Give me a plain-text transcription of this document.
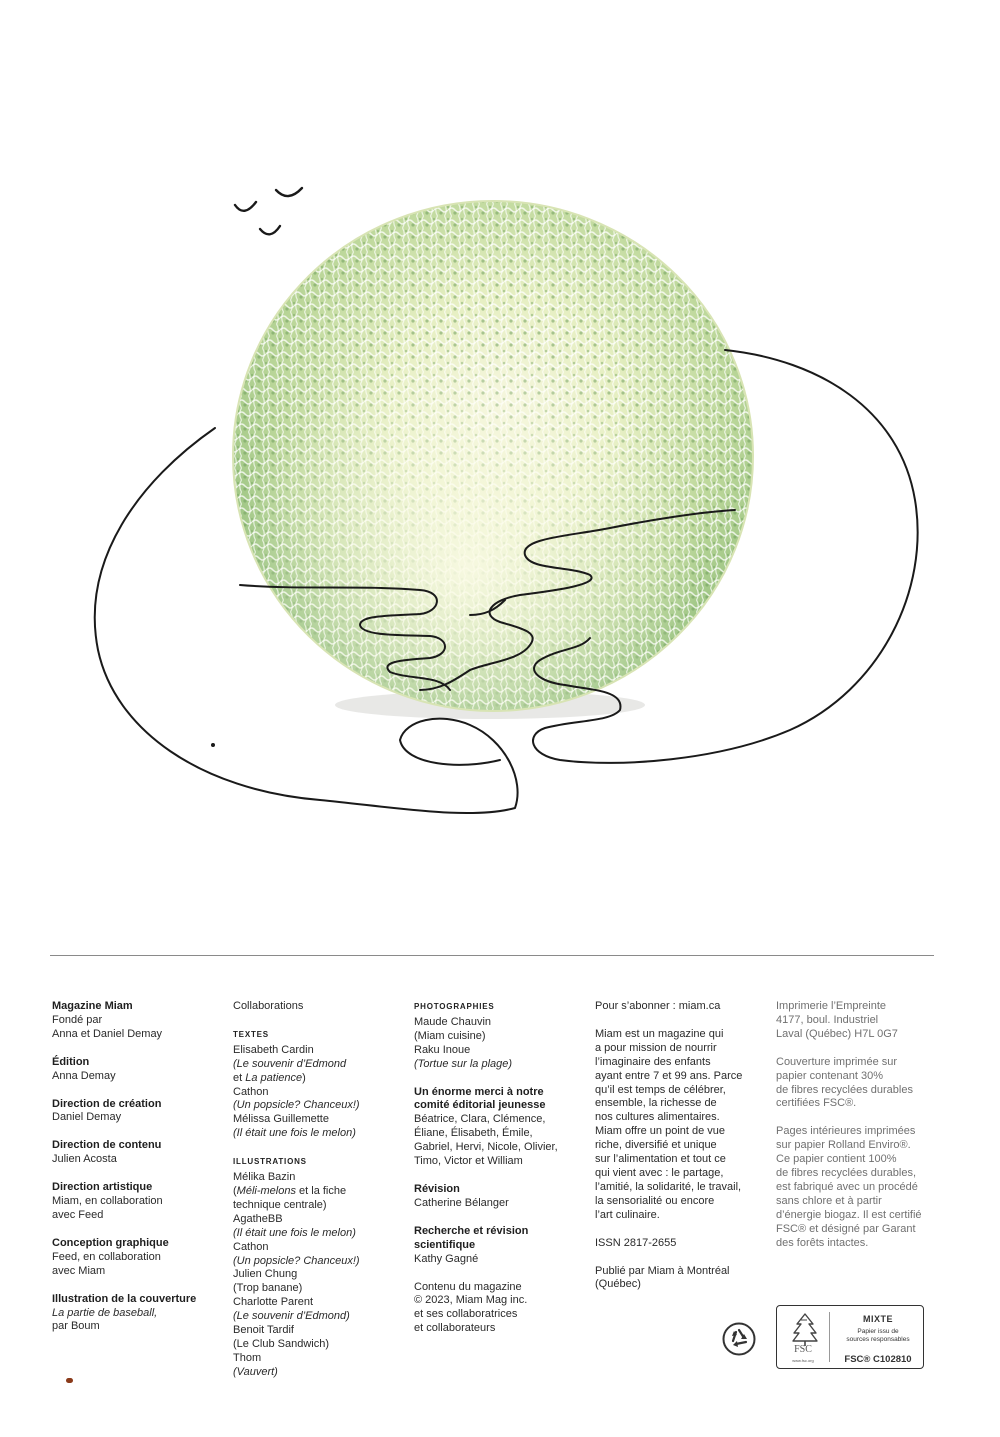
Magazine Miam
Fondé par
Anna et Daniel Demay
Édition
Anna Demay
Direction de création
Daniel Demay
Direction de contenu
Julien Acosta
Direction artistique
Miam, en collaboration
avec Feed
Conception graphique
Feed, en collaboration
avec Miam
Illustration de la couverture
La partie de baseball,
par Boum
Collaborations
TEXTES
Elisabeth Cardin
(Le souvenir d’Edmond
et La patience)
Cathon
(Un popsicle? Chanceux!)
Mélissa Guillemette
(Il était une fois le melon)
ILLUSTRATIONS
Mélika Bazin
(Méli-melons et la fiche
technique centrale)
AgatheBB
(Il était une fois le melon)
Cathon
(Un popsicle? Chanceux!)
Julien Chung
(Trop banane)
Charlotte Parent
(Le souvenir d’Edmond)
Benoit Tardif
(Le Club Sandwich)
Thom
(Vauvert)
PHOTOGRAPHIES
Maude Chauvin
(Miam cuisine)
Raku Inoue
(Tortue sur la plage)
Un énorme merci à notre
comité éditorial jeunesse
Béatrice, Clara, Clémence,
Éliane, Élisabeth, Émile,
Gabriel, Hervi, Nicole, Olivier,
Timo, Victor et William
Révision
Catherine Bélanger
Recherche et révision
scientifique
Kathy Gagné
Contenu du magazine
© 2023, Miam Mag inc.
et ses collaboratrices
et collaborateurs
Pour s’abonner : miam.ca
Miam est un magazine qui
a pour mission de nourrir
l’imaginaire des enfants
ayant entre 7 et 99 ans. Parce
qu’il est temps de célébrer,
ensemble, la richesse de
nos cultures alimentaires.
Miam offre un point de vue
riche, diversifié et unique
sur l’alimentation et tout ce
qui vient avec : le partage,
l’amitié, la solidarité, le travail,
la sensorialité ou encore
l’art culinaire.
ISSN 2817-2655
Publié par Miam à Montréal
(Québec)
Imprimerie l’Empreinte
4177, boul. Industriel
Laval (Québec) H7L 0G7
Couverture imprimée sur
papier contenant 30%
de fibres recyclées durables
certifiées FSC®.
Pages intérieures imprimées
sur papier Rolland Enviro®.
Ce papier contient 100%
de fibres recyclées durables,
est fabriqué avec un procédé
sans chlore et à partir
d’énergie biogaz. Il est certifié
FSC® et désigné par Garant
des forêts intactes.
FSC
www.fsc.org
MIXTE
Papier issu de
sources responsables
FSC® C102810
